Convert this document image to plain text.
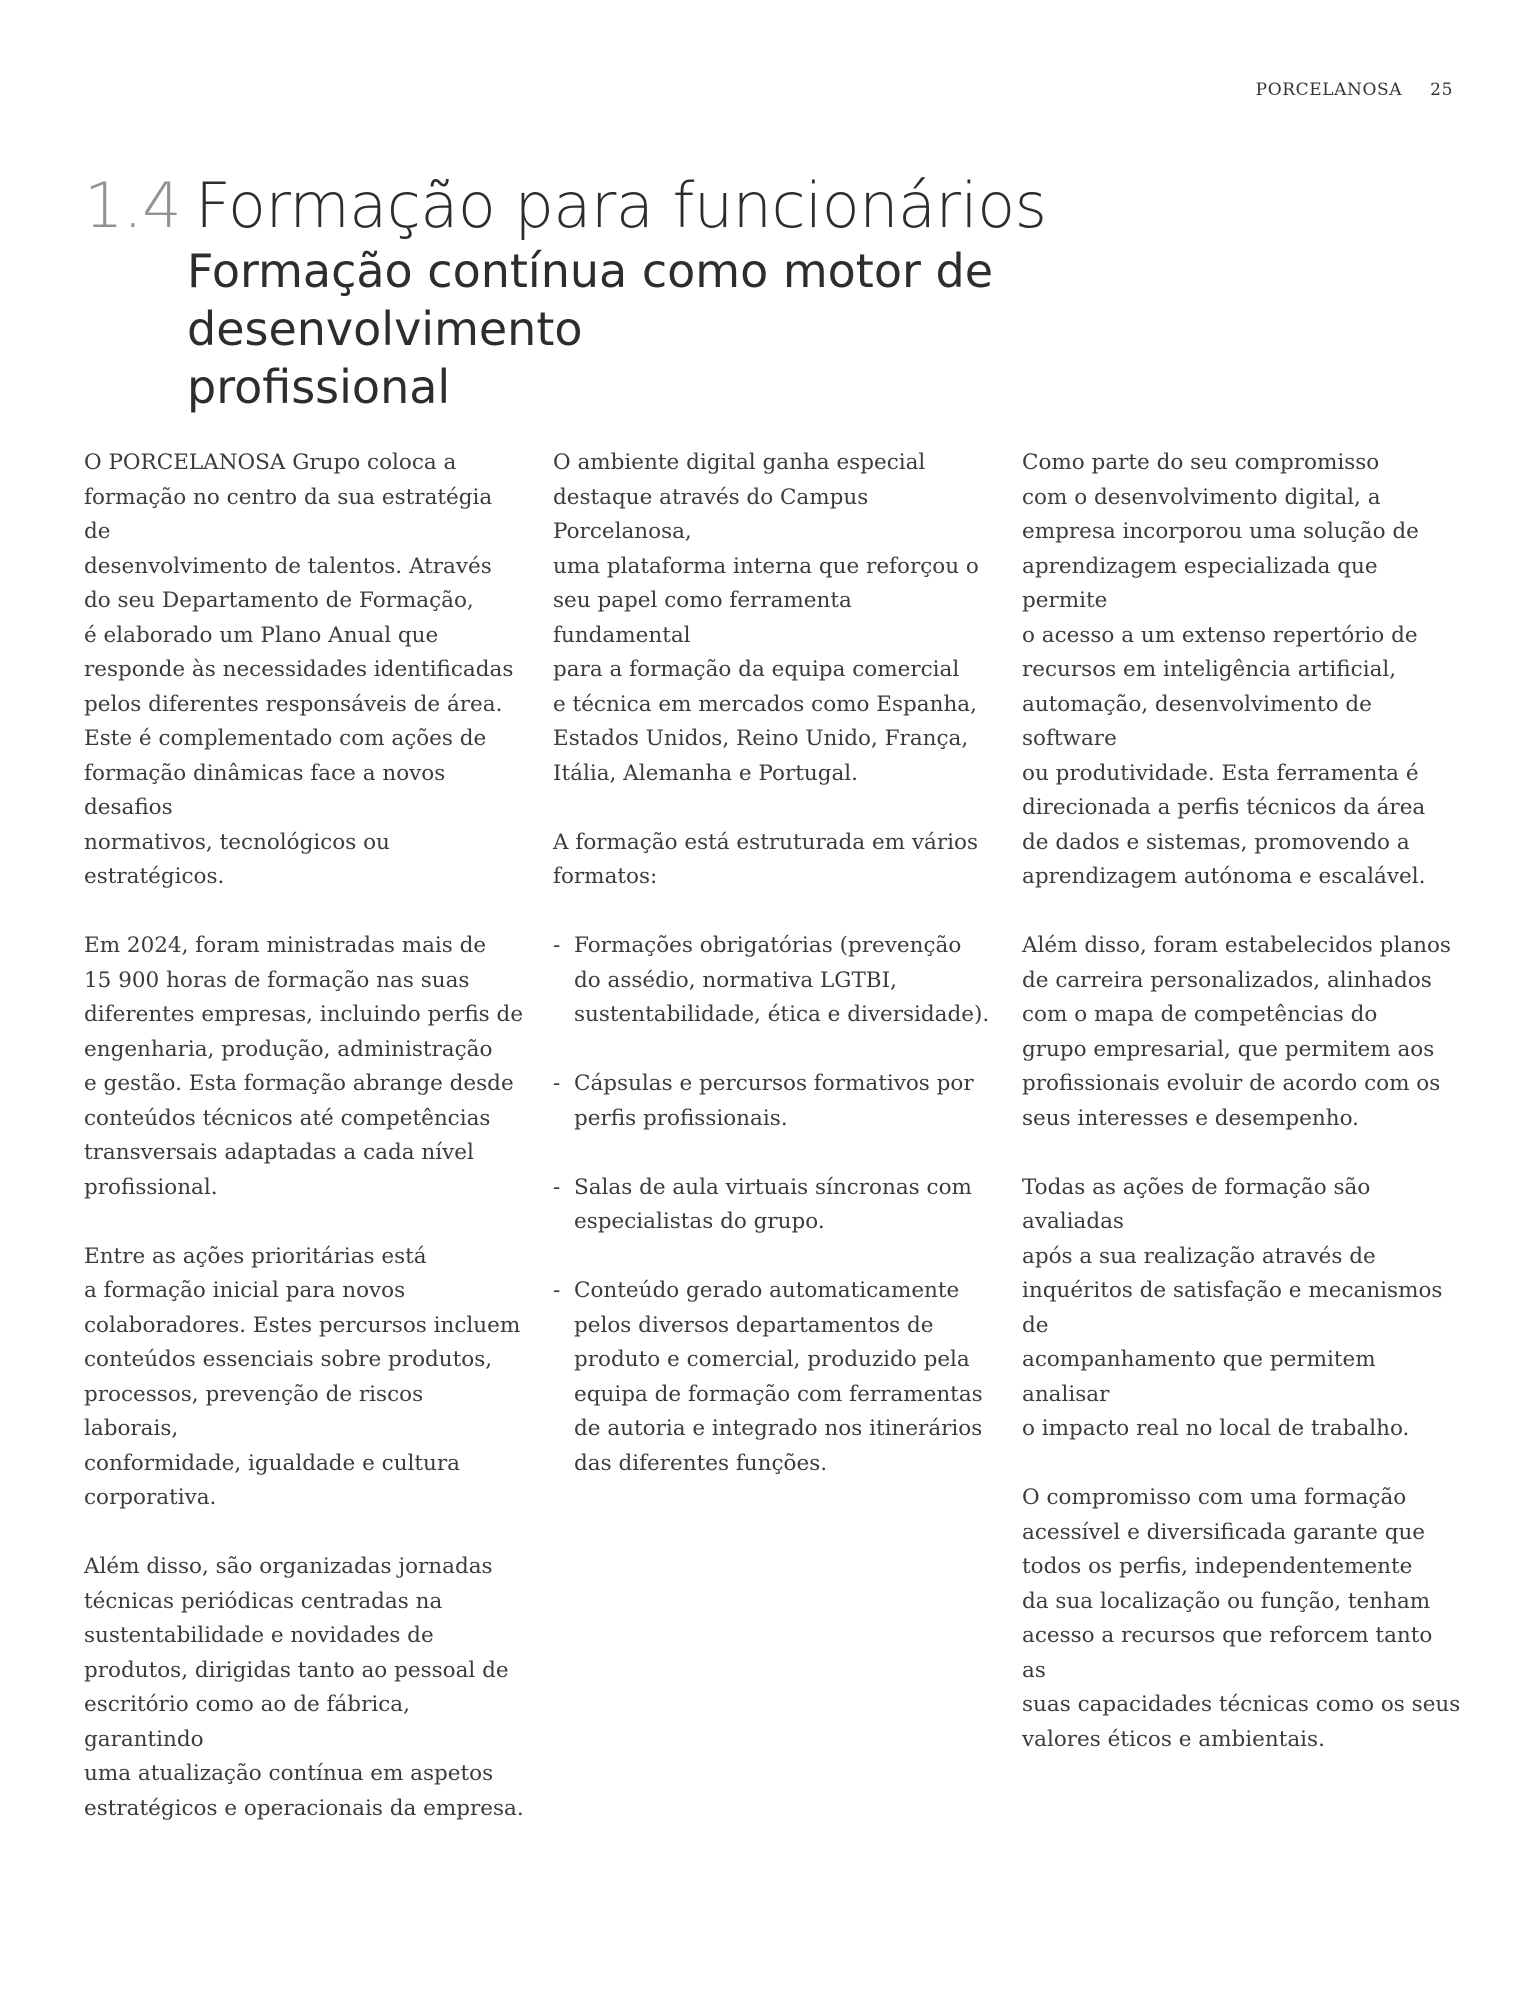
PORCELANOSA 25
1.4 Formação para funcionários
Formação contínua como motor de desenvolvimento
profissional

O PORCELANOSA Grupo coloca a
formação no centro da sua estratégia de
desenvolvimento de talentos. Através
do seu Departamento de Formação,
é elaborado um Plano Anual que
responde às necessidades identificadas
pelos diferentes responsáveis de área.
Este é complementado com ações de
formação dinâmicas face a novos desafios
normativos, tecnológicos ou estratégicos.

Em 2024, foram ministradas mais de
15 900 horas de formação nas suas
diferentes empresas, incluindo perfis de
engenharia, produção, administração
e gestão. Esta formação abrange desde
conteúdos técnicos até competências
transversais adaptadas a cada nível
profissional.

Entre as ações prioritárias está
a formação inicial para novos
colaboradores. Estes percursos incluem
conteúdos essenciais sobre produtos,
processos, prevenção de riscos laborais,
conformidade, igualdade e cultura
corporativa.

Além disso, são organizadas jornadas
técnicas periódicas centradas na
sustentabilidade e novidades de
produtos, dirigidas tanto ao pessoal de
escritório como ao de fábrica, garantindo
uma atualização contínua em aspetos
estratégicos e operacionais da empresa.

O ambiente digital ganha especial
destaque através do Campus Porcelanosa,
uma plataforma interna que reforçou o
seu papel como ferramenta fundamental
para a formação da equipa comercial
e técnica em mercados como Espanha,
Estados Unidos, Reino Unido, França,
Itália, Alemanha e Portugal.

A formação está estruturada em vários
formatos:

- Formações obrigatórias (prevenção
do assédio, normativa LGTBI,
sustentabilidade, ética e diversidade).
- Cápsulas e percursos formativos por
perfis profissionais.
- Salas de aula virtuais síncronas com
especialistas do grupo.
- Conteúdo gerado automaticamente
pelos diversos departamentos de
produto e comercial, produzido pela
equipa de formação com ferramentas
de autoria e integrado nos itinerários
das diferentes funções.

Como parte do seu compromisso
com o desenvolvimento digital, a
empresa incorporou uma solução de
aprendizagem especializada que permite
o acesso a um extenso repertório de
recursos em inteligência artificial,
automação, desenvolvimento de software
ou produtividade. Esta ferramenta é
direcionada a perfis técnicos da área
de dados e sistemas, promovendo a
aprendizagem autónoma e escalável.

Além disso, foram estabelecidos planos
de carreira personalizados, alinhados
com o mapa de competências do
grupo empresarial, que permitem aos
profissionais evoluir de acordo com os
seus interesses e desempenho.

Todas as ações de formação são avaliadas
após a sua realização através de
inquéritos de satisfação e mecanismos de
acompanhamento que permitem analisar
o impacto real no local de trabalho.

O compromisso com uma formação
acessível e diversificada garante que
todos os perfis, independentemente
da sua localização ou função, tenham
acesso a recursos que reforcem tanto as
suas capacidades técnicas como os seus
valores éticos e ambientais.
